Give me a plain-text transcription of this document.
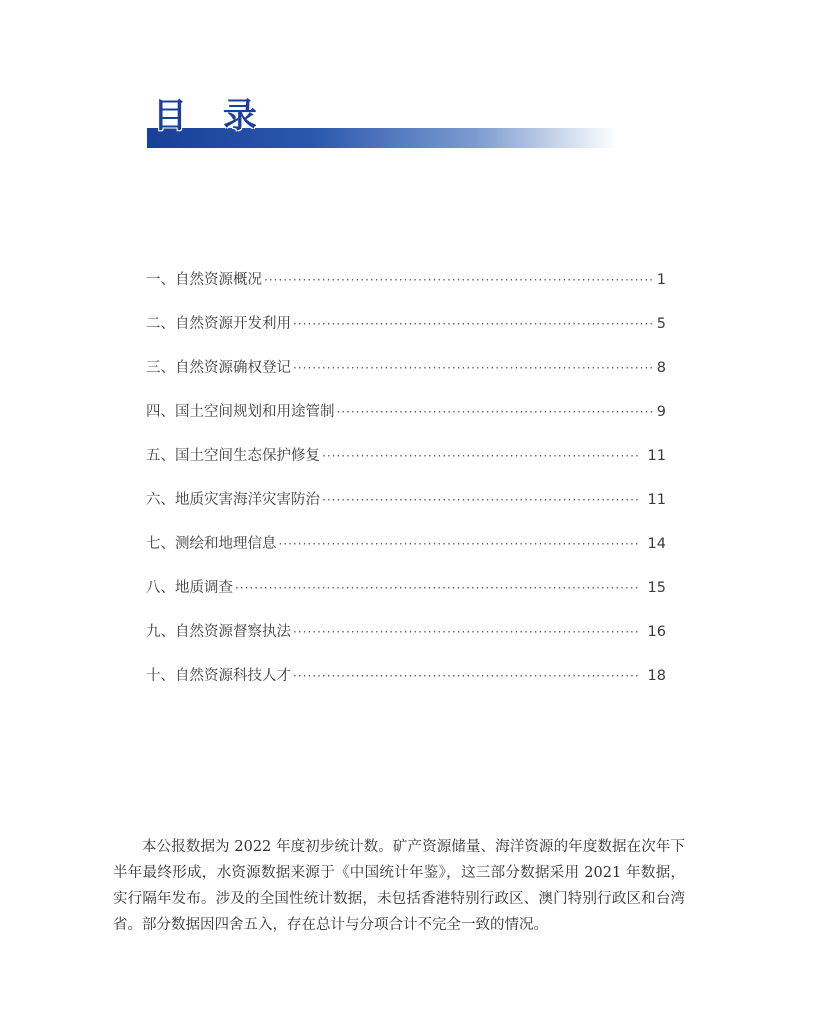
目 录
一、自然资源概况 ·····	1
二、自然资源开发利用 ·····	5
三、自然资源确权登记 ·····	8
四、国土空间规划和用途管制 ·····	9
五、国土空间生态保护修复 ·····	11
六、地质灾害海洋灾害防治 ·····	11
七、测绘和地理信息 ·····	14
八、地质调查 ·····	15
九、自然资源督察执法 ·····	16
十、自然资源科技人才 ·····	18

本公报数据为 2022 年度初步统计数。矿产资源储量、海洋资源的年度数据在次年下半年最终形成，水资源数据来源于《中国统计年鉴》，这三部分数据采用 2021 年数据，实行隔年发布。涉及的全国性统计数据，未包括香港特别行政区、澳门特别行政区和台湾省。部分数据因四舍五入，存在总计与分项合计不完全一致的情况。
